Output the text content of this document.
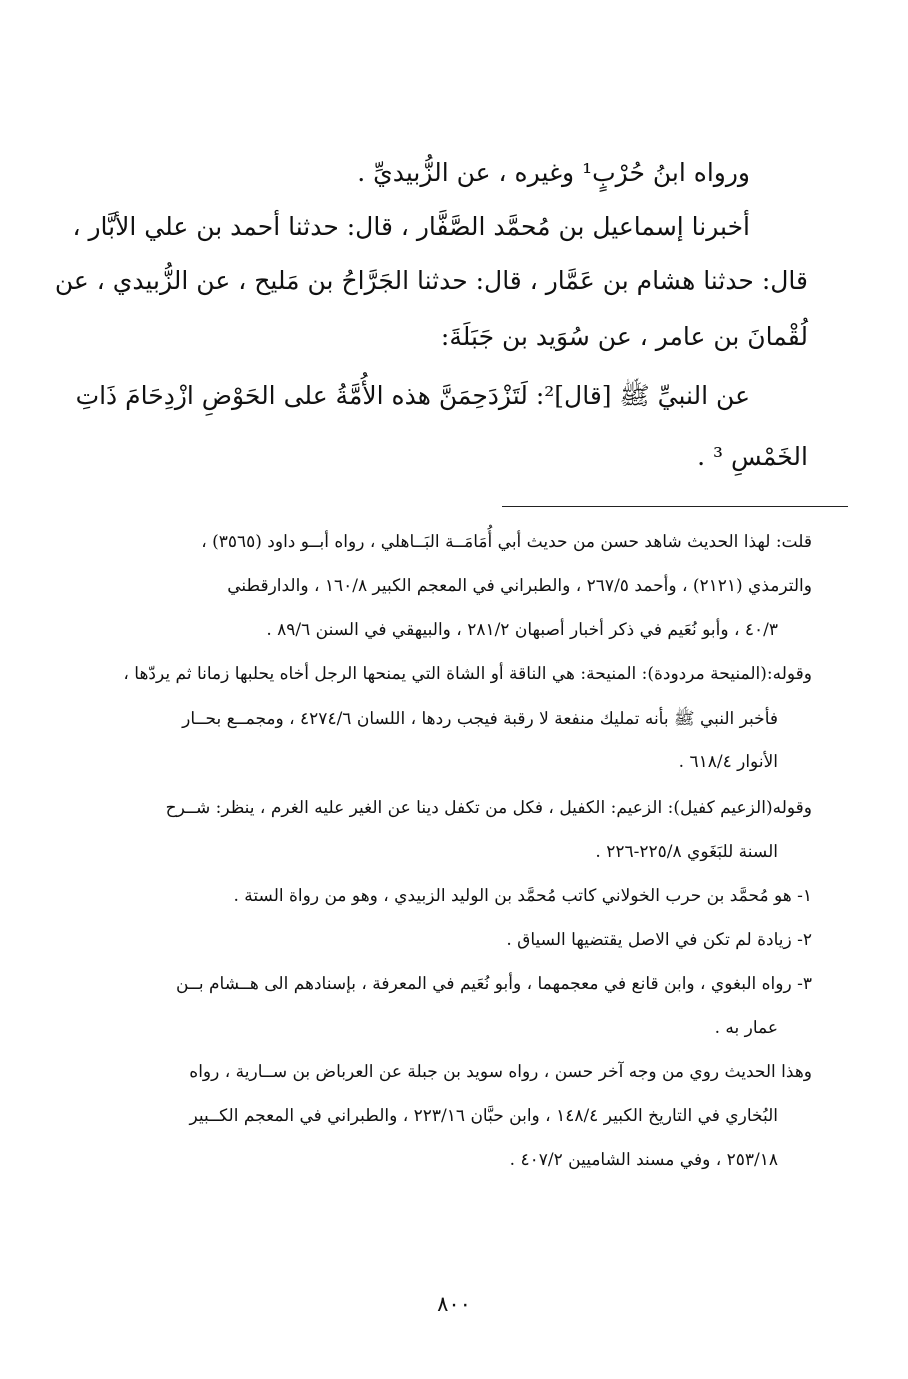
ورواه ابنُ حُرْبٍ¹ وغيره ، عن الزُّبيديِّ .

أخبرنا إسماعيل بن مُحمَّد الصَّفَّار ، قال: حدثنا أحمد بن علي الأبَّار ،

قال: حدثنا هشام بن عَمَّار ، قال: حدثنا الجَرَّاحُ بن مَليح ، عن الزُّبيدي ، عن

لُقْمانَ بن عامر ، عن سُوَيد بن جَبَلَةَ:

عن النبيِّ ﷺ [قال]²: لَتَزْدَحِمَنَّ هذه الأُمَّةُ على الحَوْضِ ازْدِحَامَ ذَاتِ

الخَمْسِ ³ .

قلت: لهذا الحديث شاهد حسن من حديث أبي أُمَامَــة البَــاهلي ، رواه أبــو داود (٣٥٦٥) ،

والترمذي (٢١٢١) ، وأحمد ٢٦٧/٥ ، والطبراني في المعجم الكبير ١٦٠/٨ ، والدارقطني

٤٠/٣ ، وأبو نُعَيم في ذكر أخبار أصبهان ٢٨١/٢ ، والبيهقي في السنن ٨٩/٦ .

وقوله:(المنيحة مردودة): المنيحة: هي الناقة أو الشاة التي يمنحها الرجل أخاه يحلبها زمانا ثم يردّها ،

فأخبر النبي ﷺ بأنه تمليك منفعة لا رقبة فيجب ردها ، اللسان ٤٢٧٤/٦ ، ومجمــع بحــار

الأنوار ٦١٨/٤ .

وقوله(الزعيم كفيل): الزعيم: الكفيل ، فكل من تكفل دينا عن الغير عليه الغرم ، ينظر: شــرح

السنة للبَغَوي ٢٢٥/٨-٢٢٦ .

١- هو مُحمَّد بن حرب الخولاني كاتب مُحمَّد بن الوليد الزبيدي ، وهو من رواة الستة .

٢- زيادة لم تكن في الاصل يقتضيها السياق .

٣- رواه البغوي ، وابن قانع في معجمهما ، وأبو نُعَيم في المعرفة ، بإسنادهم الى هــشام بــن

عمار به .

وهذا الحديث روي من وجه آخر حسن ، رواه سويد بن جبلة عن العرباض بن ســارية ، رواه

البُخاري في التاريخ الكبير ١٤٨/٤ ، وابن حبَّان ٢٢٣/١٦ ، والطبراني في المعجم الكــبير

٢٥٣/١٨ ، وفي مسند الشاميين ٤٠٧/٢ .

٨٠٠
